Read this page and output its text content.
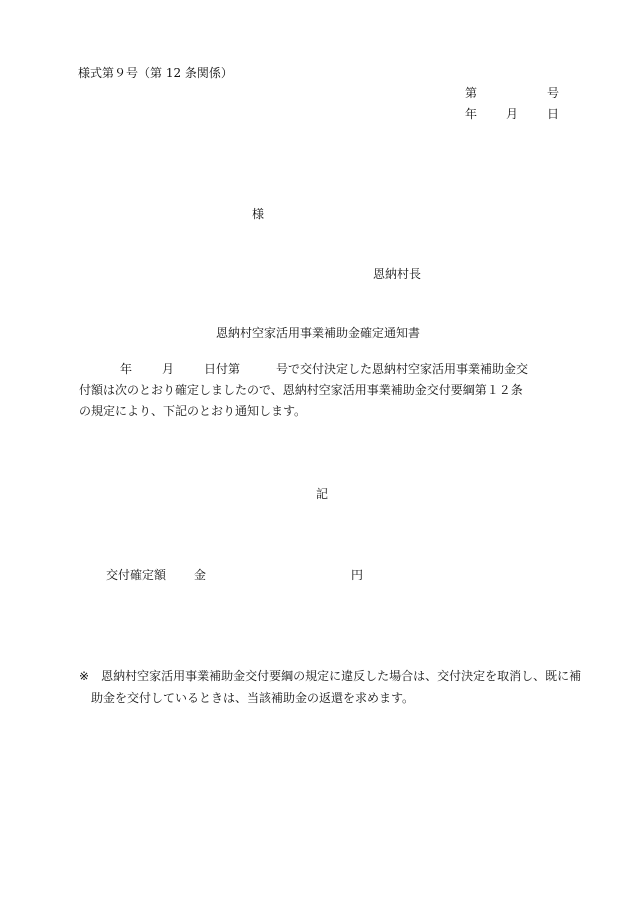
様式第９号（第 12 条関係）
第	号
年 月 日
様
恩納村長
恩納村空家活用事業補助金確定通知書
年	月	日付第	号で交付決定した恩納村空家活用事業補助金交
付額は次のとおり確定しましたので、恩納村空家活用事業補助金交付要綱第１２条
の規定により、下記のとおり通知します。
記
交付確定額 金	円
※ 恩納村空家活用事業補助金交付要綱の規定に違反した場合は、交付決定を取消し、既に補
助金を交付しているときは、当該補助金の返還を求めます。
